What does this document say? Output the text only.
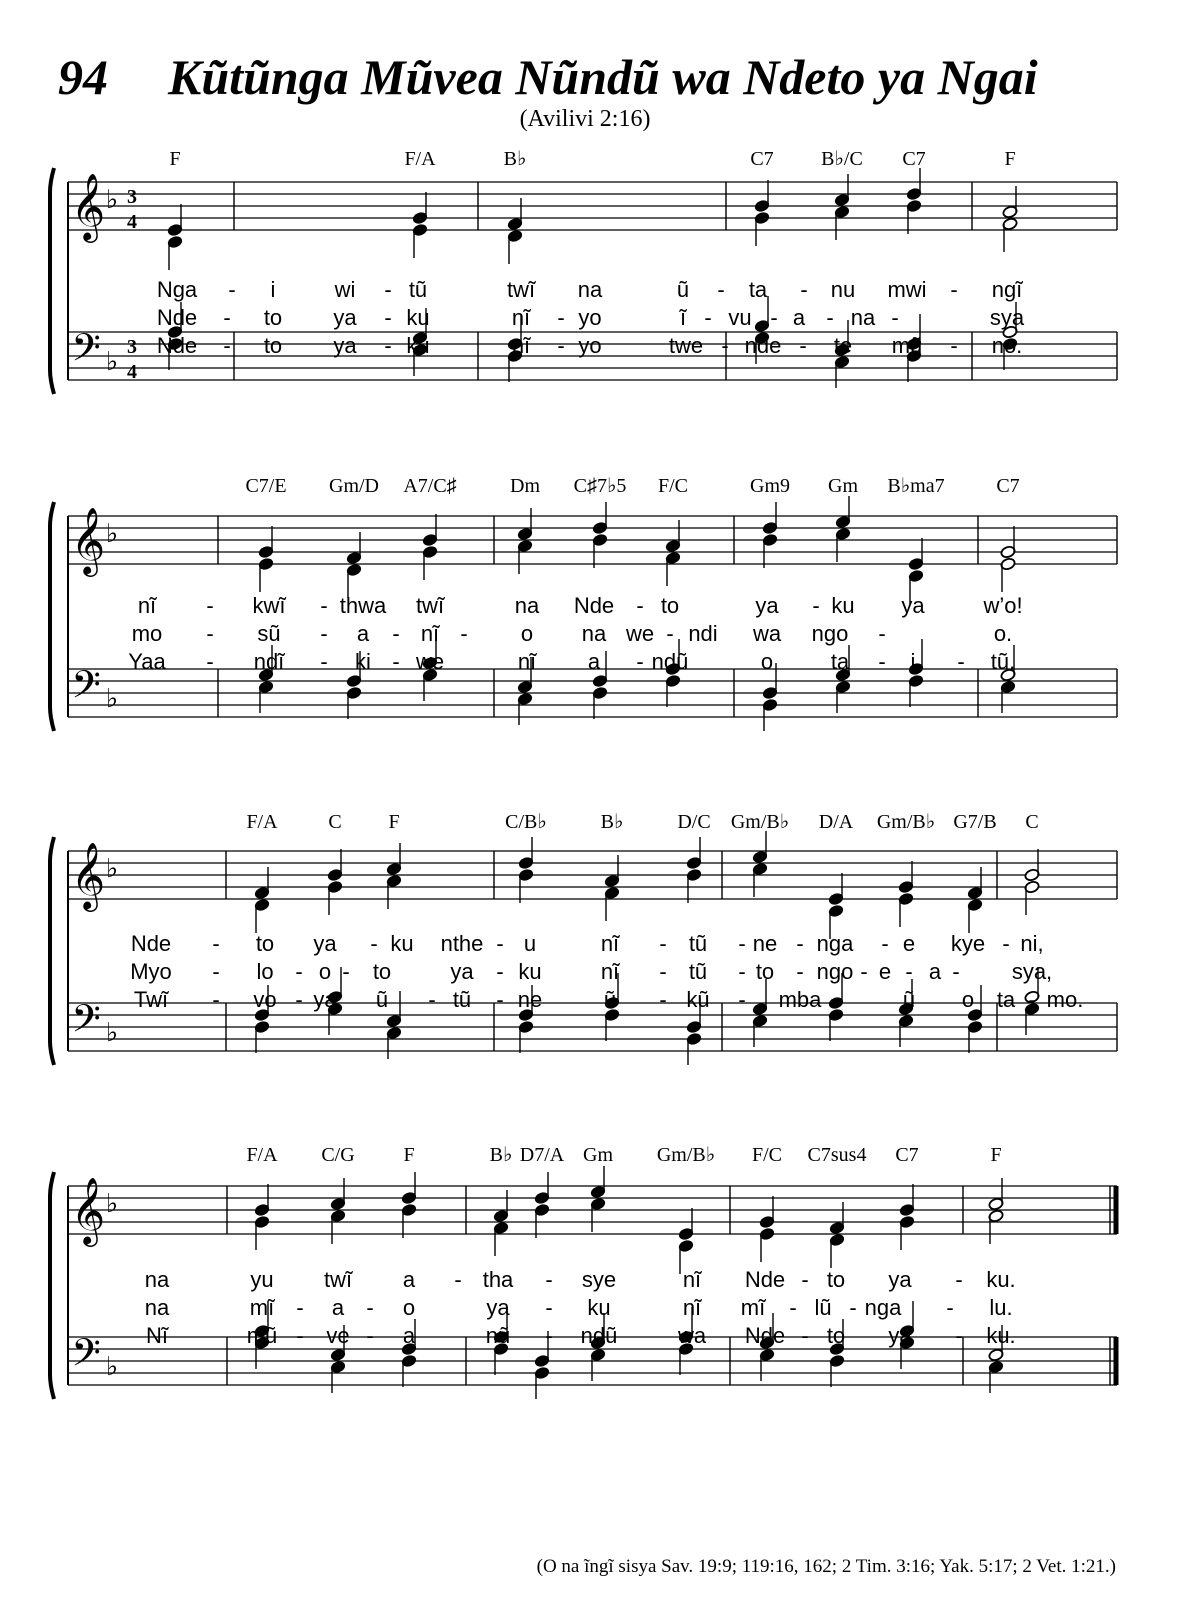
94 Kũtũnga Mũvea Nũndũ wa Ndeto ya Ngai
(Avilivi 2:16)
𝄞
𝄢
♭
♭
3
4
3
4
F	F/A	B♭	C7 B♭/C C7	F
Nga - i	wi - tũ	twĩ na	ũ - ta - nu mwi - ngĩ
Nde - to ya - ku	nĩ - yo	ĩ - vu - a - na -	sya
Nde - to ya - ku	nĩ - yo	twe - nde - te mũ - no.
𝄞
𝄢
♭
♭
C7/E Gm/D A7/C♯	Dm C♯7♭5 F/C	Gm9 Gm B♭ma7	C7
nĩ - kwĩ - thwa twĩ	na Nde - to	ya - ku ya	w’o!
mo - sũ - a - nĩ - o na we - ndi wa ngo -	o.
Yaa - ndĩ - ki - we	nĩ a - ndũ	o	ta - i - tũ.
𝄞
𝄢
♭
♭
F/A	C F	C/B♭	B♭	D/C Gm/B♭ D/A Gm/B♭ G7/B C
Nde - to ya - ku nthe - u	nĩ - tũ - ne - nga - e kye - ni,
Myo - lo - o - to	ya - ku	nĩ - tũ - to - ngo - e - a - sya,
Twĩ - vo - ya ũ - tũ - ne	ũ - kũ - mba -	ũ o ta - mo.
𝄞
𝄢
♭
♭
F/A C/G F	B♭ D7/A Gm Gm/B♭ F/C C7sus4 C7	F
na	yu twĩ a - tha - sye	nĩ Nde - to ya - ku.
na	mĩ - a - o	ya - ku	nĩ mĩ - lũ - nga - lu.
Nĩ	mũ - ve - a	nũ - ndũ	wa Nde - to ya - ku.
(O na ĩngĩ sisya Sav. 19:9; 119:16, 162; 2 Tim. 3:16; Yak. 5:17; 2 Vet. 1:21.)
